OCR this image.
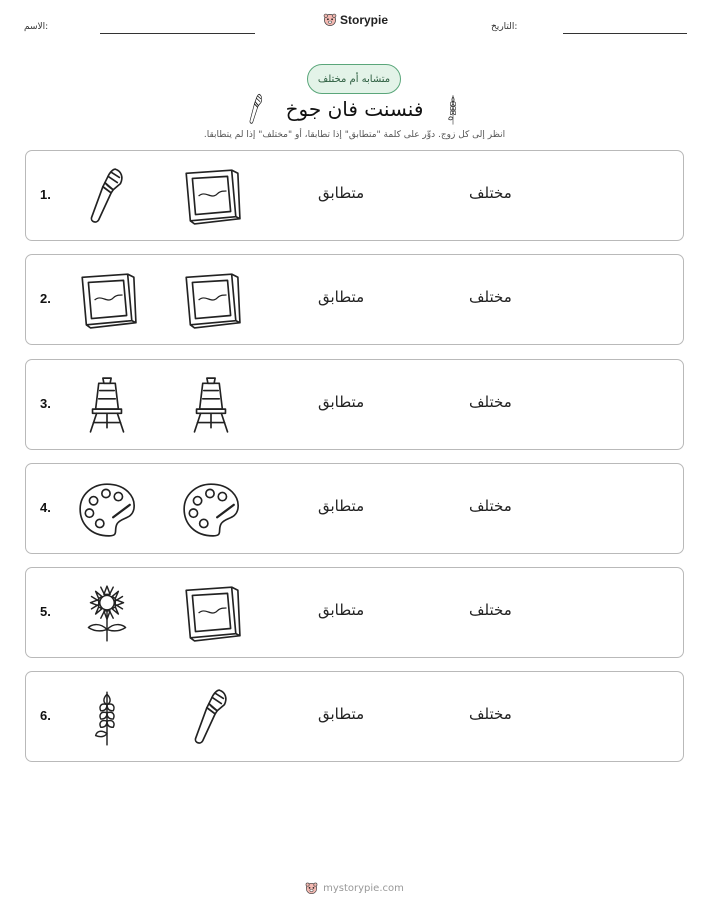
الاسم:	Storypie	التاريخ:
متشابه أم مختلف
فنسنت فان جوخ
انظر إلى كل زوج. دوِّر على كلمة "متطابق" إذا تطابقا، أو "مختلف" إذا لم يتطابقا.
1.	متطابق	مختلف
2.	متطابق	مختلف
3.	متطابق	مختلف
4.	متطابق	مختلف
5.	متطابق	مختلف
6.	متطابق	مختلف
mystorypie.com
